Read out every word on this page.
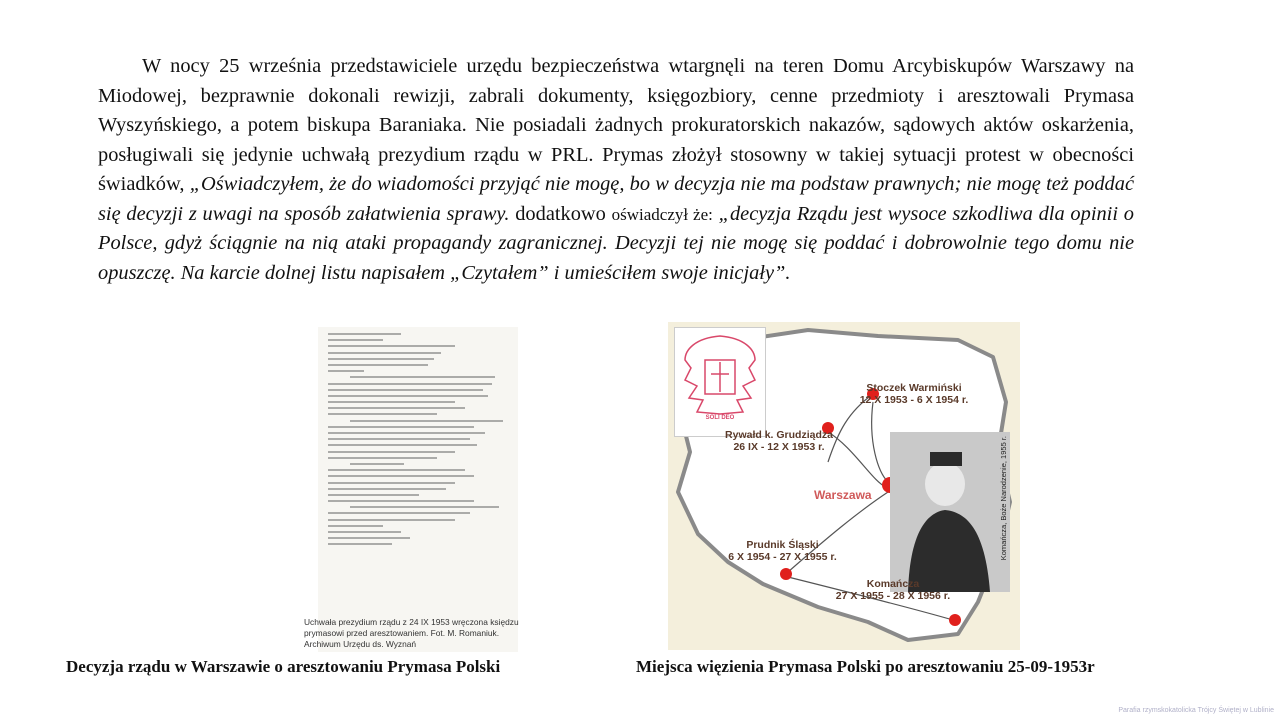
W nocy 25 września przedstawiciele urzędu bezpieczeństwa wtargnęli na teren Domu Arcybiskupów Warszawy na Miodowej, bezprawnie dokonali rewizji, zabrali dokumenty, księgozbiory, cenne przedmioty i aresztowali Prymasa Wyszyńskiego, a potem biskupa Baraniaka. Nie posiadali żadnych prokuratorskich nakazów, sądowych aktów oskarżenia, posługiwali się jedynie uchwałą prezydium rządu w PRL. Prymas złożył stosowny w takiej sytuacji protest w obecności świadków, „Oświadczyłem, że do wiadomości przyjąć nie mogę, bo w decyzja nie ma podstaw prawnych; nie mogę też poddać się decyzji z uwagi na sposób załatwienia sprawy. dodatkowo oświadczył że: „decyzja Rządu jest wysoce szkodliwa dla opinii o Polsce, gdyż ściągnie na nią ataki propagandy zagranicznej. Decyzji tej nie mogę się poddać i dobrowolnie tego domu nie opuszczę. Na karcie dolnej listu napisałem „Czytałem” i umieściłem swoje inicjały”.
Uchwała prezydium rządu z 24 IX 1953 wręczona księdzu prymasowi przed aresztowaniem. Fot. M. Romaniuk. Archiwum Urzędu ds. Wyznań
SOLI DEO
Komańcza, Boże Narodzenie, 1955 r.
Warszawa
Stoczek Warmiński
12 X 1953 - 6 X 1954 r.
Rywałd k. Grudziądza
26 IX - 12 X 1953 r.
Prudnik Śląski
6 X 1954 - 27 X 1955 r.
Komańcza
27 X 1955 - 28 X 1956 r.
Decyzja rządu w Warszawie o aresztowaniu Prymasa Polski	Miejsca więzienia Prymasa Polski po aresztowaniu 25-09-1953r
Parafia rzymskokatolicka Trójcy Świętej w Lublinie
